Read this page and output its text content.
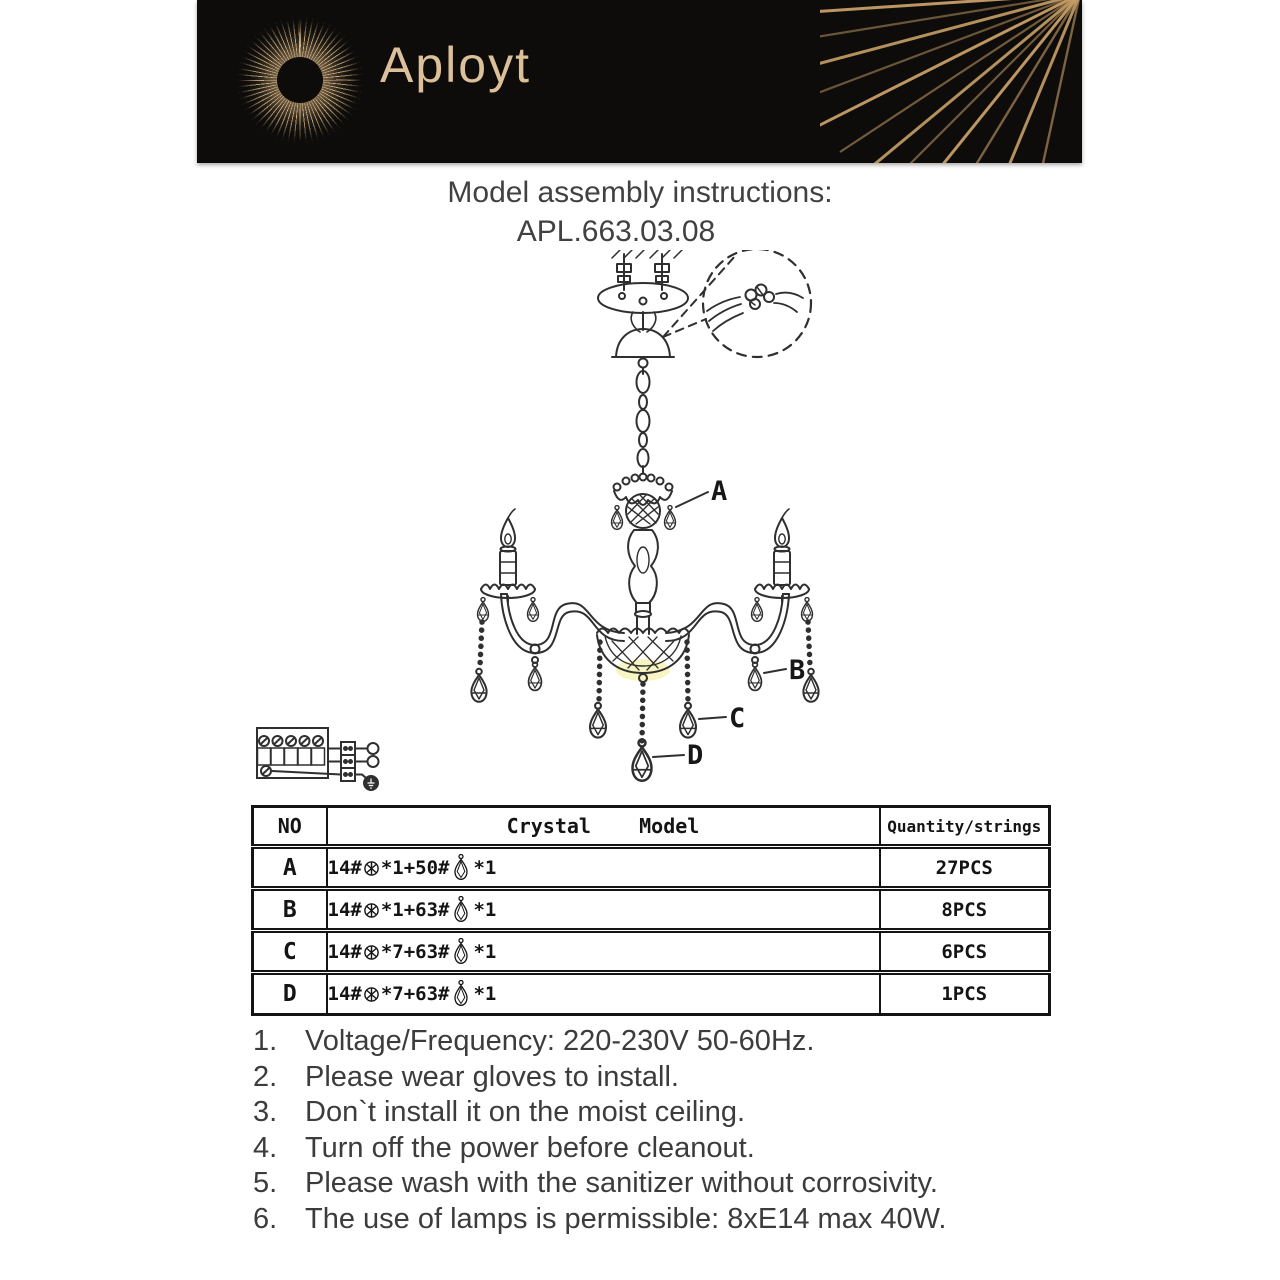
Aployt
Model assembly instructions:
APL.663.03.08
A
B
C
D
NO	Crystal    Model	Quantity/strings
A	14# *1+50# *1	27PCS
B	14# *1+63# *1	8PCS
C	14# *7+63# *1	6PCS
D	14# *7+63# *1	1PCS
1. Voltage/Frequency: 220-230V 50-60Hz.
2. Please wear gloves to install.
3. Don`t install it on the moist ceiling.
4. Turn off the power before cleanout.
5. Please wash with the sanitizer without corrosivity.
6. The use of lamps is permissible: 8xE14 max 40W.
